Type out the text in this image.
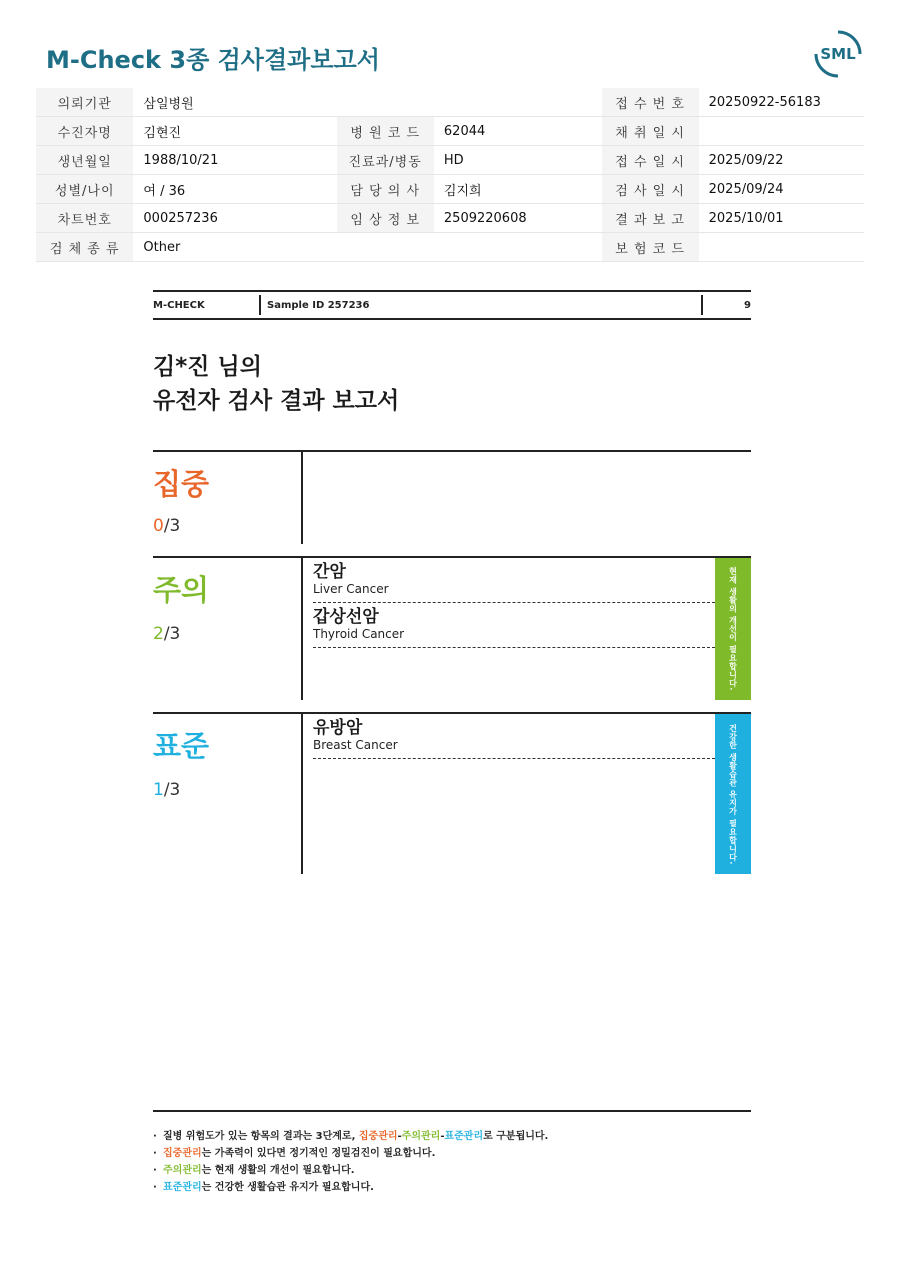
M-Check 3종 검사결과보고서	SML
의뢰기관	삼일병원			접 수 번 호	20250922-56183
수진자명	김현진	병 원 코 드	62044	채 취 일 시	
생년월일	1988/10/21	진료과/병동	HD	접 수 일 시	2025/09/22
성별/나이	여 / 36	담 당 의 사	김지희	검 사 일 시	2025/09/24
차트번호	000257236	임 상 정 보	2509220608	결 과 보 고	2025/10/01
검 체 종 류	Other			보 험 코 드	
M-CHECK	Sample ID 257236	9
김*진 님의
유전자 검사 결과 보고서
집중
0/3
주의
2/3
간암
Liver Cancer
갑상선암
Thyroid Cancer	현재 생활의 개선이 필요합니다.
표준
1/3
유방암
Breast Cancer	건강한 생활습관 유지가 필요합니다.
· 질병 위험도가 있는 항목의 결과는 3단계로, 집중관리-주의관리-표준관리로 구분됩니다.
· 집중관리는 가족력이 있다면 정기적인 정밀검진이 필요합니다.
· 주의관리는 현재 생활의 개선이 필요합니다.
· 표준관리는 건강한 생활습관 유지가 필요합니다.
